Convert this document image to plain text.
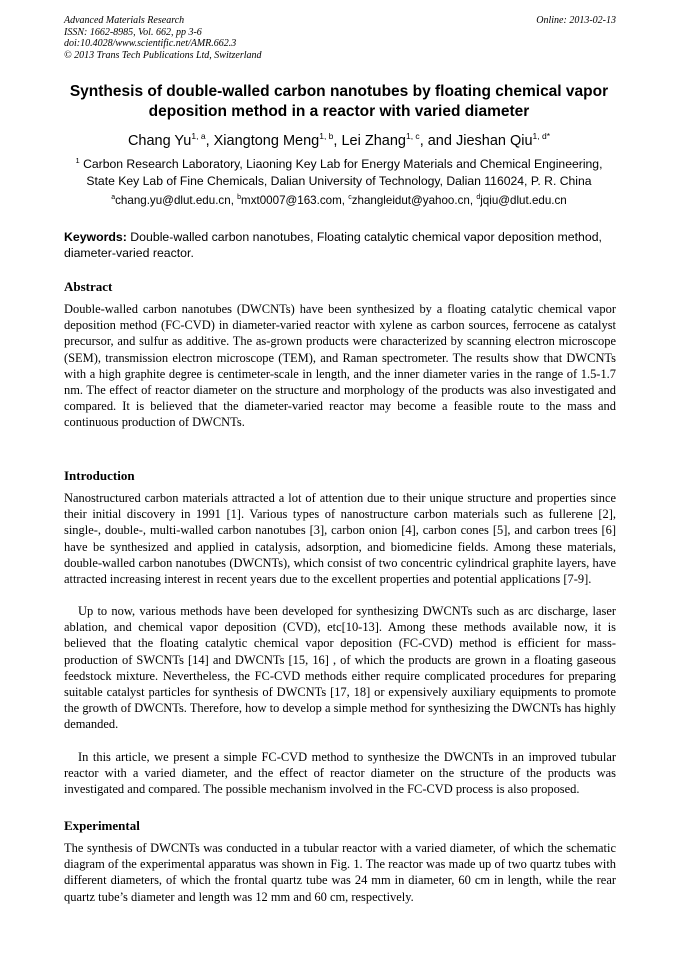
Advanced Materials Research
ISSN: 1662-8985, Vol. 662, pp 3-6
doi:10.4028/www.scientific.net/AMR.662.3
© 2013 Trans Tech Publications Ltd, Switzerland
Online: 2013-02-13
Synthesis of double-walled carbon nanotubes by floating chemical vapor deposition method in a reactor with varied diameter
Chang Yu$^{1, a}$, Xiangtong Meng$^{1, b}$, Lei Zhang$^{1, c}$, and Jieshan Qiu$^{1, d*}$
$^1$ Carbon Research Laboratory, Liaoning Key Lab for Energy Materials and Chemical Engineering,
State Key Lab of Fine Chemicals, Dalian University of Technology, Dalian 116024, P. R. China
$^a$chang.yu@dlut.edu.cn, $^b$mxt0007@163.com, $^c$zhangleidut@yahoo.cn, $^d$jqiu@dlut.edu.cn
Keywords: Double-walled carbon nanotubes, Floating catalytic chemical vapor deposition method, diameter-varied reactor.
Abstract
Double-walled carbon nanotubes (DWCNTs) have been synthesized by a floating catalytic chemical vapor deposition method (FC-CVD) in diameter-varied reactor with xylene as carbon sources, ferrocene as catalyst precursor, and sulfur as additive. The as-grown products were characterized by scanning electron microscope (SEM), transmission electron microscope (TEM), and Raman spectrometer. The results show that DWCNTs with a high graphite degree is centimeter-scale in length, and the inner diameter varies in the range of 1.5-1.7 nm. The effect of reactor diameter on the structure and morphology of the products was also investigated and compared. It is believed that the diameter-varied reactor may become a feasible route to the mass and continuous production of DWCNTs.
Introduction
Nanostructured carbon materials attracted a lot of attention due to their unique structure and properties since their initial discovery in 1991 [1]. Various types of nanostructure carbon materials such as fullerene [2], single-, double-, multi-walled carbon nanotubes [3], carbon onion [4], carbon cones [5], and carbon trees [6] have be synthesized and applied in catalysis, adsorption, and biomedicine fields. Among these materials, double-walled carbon nanotubes (DWCNTs), which consist of two concentric cylindrical graphite layers, have attracted increasing interest in recent years due to the excellent properties and potential applications [7-9].
Up to now, various methods have been developed for synthesizing DWCNTs such as arc discharge, laser ablation, and chemical vapor deposition (CVD), etc[10-13]. Among these methods available now, it is believed that the floating catalytic chemical vapor deposition (FC-CVD) method is efficient for mass-production of SWCNTs [14] and DWCNTs [15, 16] , of which the products are grown in a floating gaseous feedstock mixture. Nevertheless, the FC-CVD methods either require complicated procedures for preparing suitable catalyst particles for synthesis of DWCNTs [17, 18] or expensively auxiliary equipments to promote the growth of DWCNTs. Therefore, how to develop a simple method for synthesizing the DWCNTs has highly demanded.
In this article, we present a simple FC-CVD method to synthesize the DWCNTs in an improved tubular reactor with a varied diameter, and the effect of reactor diameter on the structure of the products was investigated and compared. The possible mechanism involved in the FC-CVD process is also proposed.
Experimental
The synthesis of DWCNTs was conducted in a tubular reactor with a varied diameter, of which the schematic diagram of the experimental apparatus was shown in Fig. 1. The reactor was made up of two quartz tubes with different diameters, of which the frontal quartz tube was 24 mm in diameter, 60 cm in length, while the rear quartz tube’s diameter and length was 12 mm and 60 cm, respectively.
